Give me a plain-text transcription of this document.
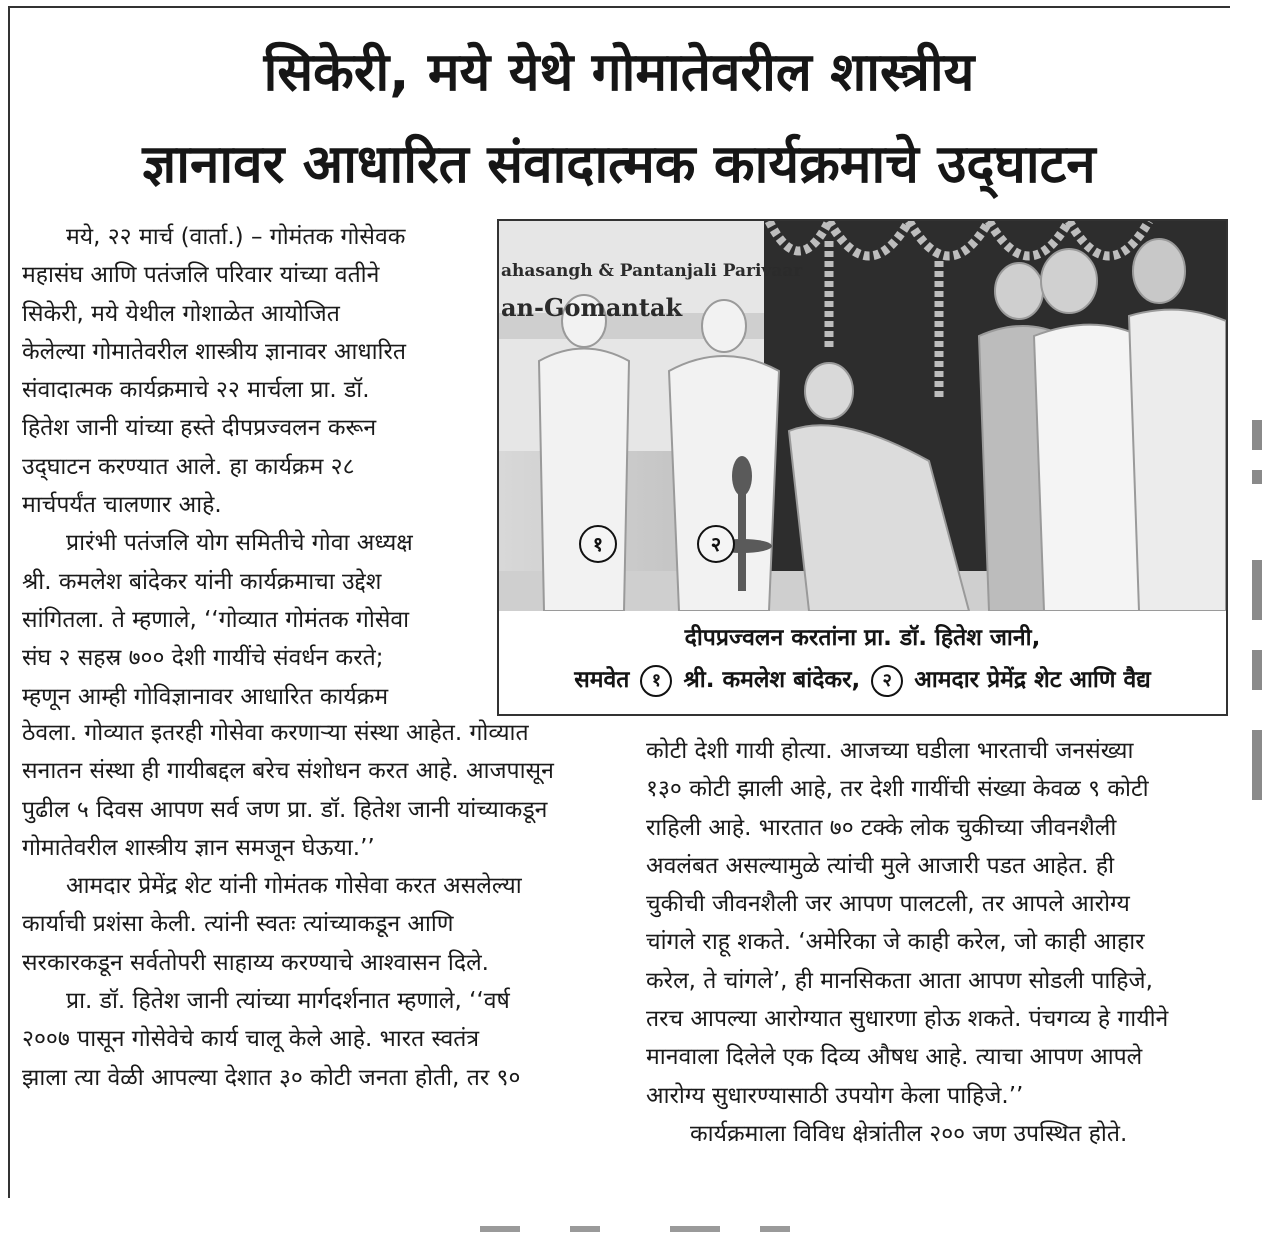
सिकेरी, मये येथे गोमातेवरील शास्त्रीय
ज्ञानावर आधारित संवादात्मक कार्यक्रमाचे उद्‌घाटन
मये, २२ मार्च (वार्ता.) – गोमंतक गोसेवक
महासंघ आणि पतंजलि परिवार यांच्या वतीने
सिकेरी, मये येथील गोशाळेत आयोजित
केलेल्या गोमातेवरील शास्त्रीय ज्ञानावर आधारित
संवादात्मक कार्यक्रमाचे २२ मार्चला प्रा. डॉ.
हितेश जानी यांच्या हस्ते दीपप्रज्वलन करून
उद्‌घाटन करण्यात आले. हा कार्यक्रम २८
मार्चपर्यंत चालणार आहे.
प्रारंभी पतंजलि योग समितीचे गोवा अध्यक्ष
श्री. कमलेश बांदेकर यांनी कार्यक्रमाचा उद्देश
सांगितला. ते म्हणाले, ‘‘गोव्यात गोमंतक गोसेवा
संघ २ सहस्र ७०० देशी गायींचे संवर्धन करते;
म्हणून आम्ही गोविज्ञानावर आधारित कार्यक्रम
ahasangh & Pantanjali Parivaar
an-Gomantak
१	२
दीपप्रज्वलन करतांना प्रा. डॉ. हितेश जानी,
समवेत १ श्री. कमलेश बांदेकर, २ आमदार प्रेमेंद्र शेट आणि वैद्य
ठेवला. गोव्यात इतरही गोसेवा करणाऱ्या संस्था आहेत. गोव्यात
सनातन संस्था ही गायीबद्दल बरेच संशोधन करत आहे. आजपासून
पुढील ५ दिवस आपण सर्व जण प्रा. डॉ. हितेश जानी यांच्याकडून
गोमातेवरील शास्त्रीय ज्ञान समजून घेऊया.’’
आमदार प्रेमेंद्र शेट यांनी गोमंतक गोसेवा करत असलेल्या
कार्याची प्रशंसा केली. त्यांनी स्वतः त्यांच्याकडून आणि
सरकारकडून सर्वतोपरी साहाय्य करण्याचे आश्वासन दिले.
प्रा. डॉ. हितेश जानी त्यांच्या मार्गदर्शनात म्हणाले, ‘‘वर्ष
२००७ पासून गोसेवेचे कार्य चालू केले आहे. भारत स्वतंत्र
झाला त्या वेळी आपल्या देशात ३० कोटी जनता होती, तर ९०
कोटी देशी गायी होत्या. आजच्या घडीला भारताची जनसंख्या
१३० कोटी झाली आहे, तर देशी गायींची संख्या केवळ ९ कोटी
राहिली आहे. भारतात ७० टक्के लोक चुकीच्या जीवनशैली
अवलंबत असल्यामुळे त्यांची मुले आजारी पडत आहेत. ही
चुकीची जीवनशैली जर आपण पालटली, तर आपले आरोग्य
चांगले राहू शकते. ‘अमेरिका जे काही करेल, जो काही आहार
करेल, ते चांगले’, ही मानसिकता आता आपण सोडली पाहिजे,
तरच आपल्या आरोग्यात सुधारणा होऊ शकते. पंचगव्य हे गायीने
मानवाला दिलेले एक दिव्य औषध आहे. त्याचा आपण आपले
आरोग्य सुधारण्यासाठी उपयोग केला पाहिजे.’’
कार्यक्रमाला विविध क्षेत्रांतील २०० जण उपस्थित होते.
